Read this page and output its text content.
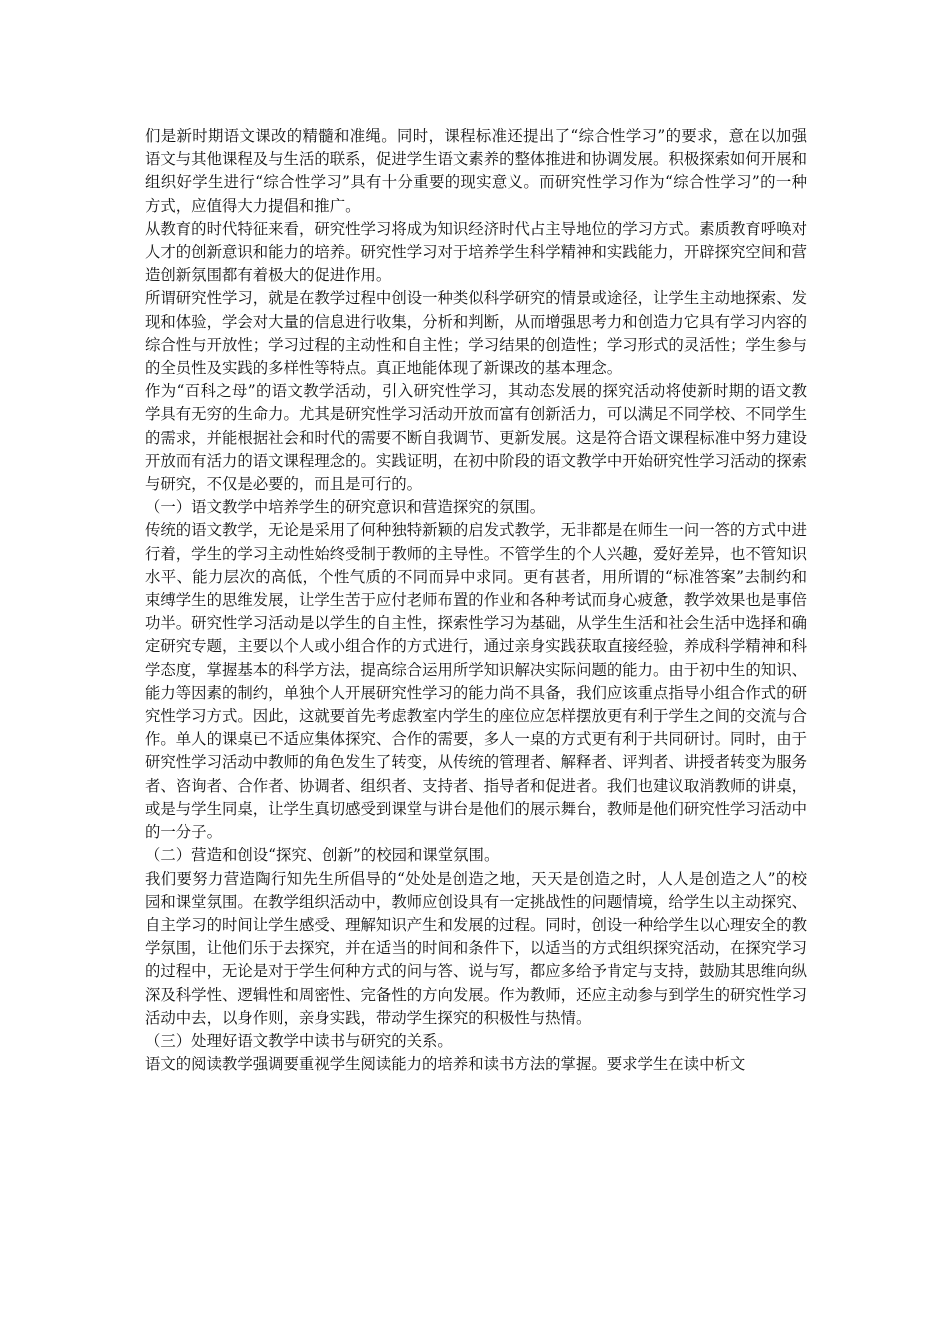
们是新时期语文课改的精髓和准绳。同时，课程标准还提出了“综合性学习”的要求，意在以加强语文与其他课程及与生活的联系，促进学生语文素养的整体推进和协调发展。积极探索如何开展和组织好学生进行“综合性学习”具有十分重要的现实意义。而研究性学习作为“综合性学习”的一种方式，应值得大力提倡和推广。

从教育的时代特征来看，研究性学习将成为知识经济时代占主导地位的学习方式。素质教育呼唤对人才的创新意识和能力的培养。研究性学习对于培养学生科学精神和实践能力，开辟探究空间和营造创新氛围都有着极大的促进作用。

所谓研究性学习，就是在教学过程中创设一种类似科学研究的情景或途径，让学生主动地探索、发现和体验，学会对大量的信息进行收集，分析和判断，从而增强思考力和创造力它具有学习内容的综合性与开放性；学习过程的主动性和自主性；学习结果的创造性；学习形式的灵活性；学生参与的全员性及实践的多样性等特点。真正地能体现了新课改的基本理念。

作为“百科之母”的语文教学活动，引入研究性学习，其动态发展的探究活动将使新时期的语文教学具有无穷的生命力。尤其是研究性学习活动开放而富有创新活力，可以满足不同学校、不同学生的需求，并能根据社会和时代的需要不断自我调节、更新发展。这是符合语文课程标准中努力建设开放而有活力的语文课程理念的。实践证明，在初中阶段的语文教学中开始研究性学习活动的探索与研究，不仅是必要的，而且是可行的。

（一）语文教学中培养学生的研究意识和营造探究的氛围。

传统的语文教学，无论是采用了何种独特新颖的启发式教学，无非都是在师生一问一答的方式中进行着，学生的学习主动性始终受制于教师的主导性。不管学生的个人兴趣，爱好差异，也不管知识水平、能力层次的高低，个性气质的不同而异中求同。更有甚者，用所谓的“标准答案”去制约和束缚学生的思维发展，让学生苦于应付老师布置的作业和各种考试而身心疲惫，教学效果也是事倍功半。研究性学习活动是以学生的自主性，探索性学习为基础，从学生生活和社会生活中选择和确定研究专题，主要以个人或小组合作的方式进行，通过亲身实践获取直接经验，养成科学精神和科学态度，掌握基本的科学方法，提高综合运用所学知识解决实际问题的能力。由于初中生的知识、能力等因素的制约，单独个人开展研究性学习的能力尚不具备，我们应该重点指导小组合作式的研究性学习方式。因此，这就要首先考虑教室内学生的座位应怎样摆放更有利于学生之间的交流与合作。单人的课桌已不适应集体探究、合作的需要，多人一桌的方式更有利于共同研讨。同时，由于研究性学习活动中教师的角色发生了转变，从传统的管理者、解释者、评判者、讲授者转变为服务者、咨询者、合作者、协调者、组织者、支持者、指导者和促进者。我们也建议取消教师的讲桌，或是与学生同桌，让学生真切感受到课堂与讲台是他们的展示舞台，教师是他们研究性学习活动中的一分子。

（二）营造和创设“探究、创新”的校园和课堂氛围。

我们要努力营造陶行知先生所倡导的“处处是创造之地，天天是创造之时，人人是创造之人”的校园和课堂氛围。在教学组织活动中，教师应创设具有一定挑战性的问题情境，给学生以主动探究、自主学习的时间让学生感受、理解知识产生和发展的过程。同时，创设一种给学生以心理安全的教学氛围，让他们乐于去探究，并在适当的时间和条件下，以适当的方式组织探究活动，在探究学习的过程中，无论是对于学生何种方式的问与答、说与写，都应多给予肯定与支持，鼓励其思维向纵深及科学性、逻辑性和周密性、完备性的方向发展。作为教师，还应主动参与到学生的研究性学习活动中去，以身作则，亲身实践，带动学生探究的积极性与热情。

（三）处理好语文教学中读书与研究的关系。

语文的阅读教学强调要重视学生阅读能力的培养和读书方法的掌握。要求学生在读中析文
